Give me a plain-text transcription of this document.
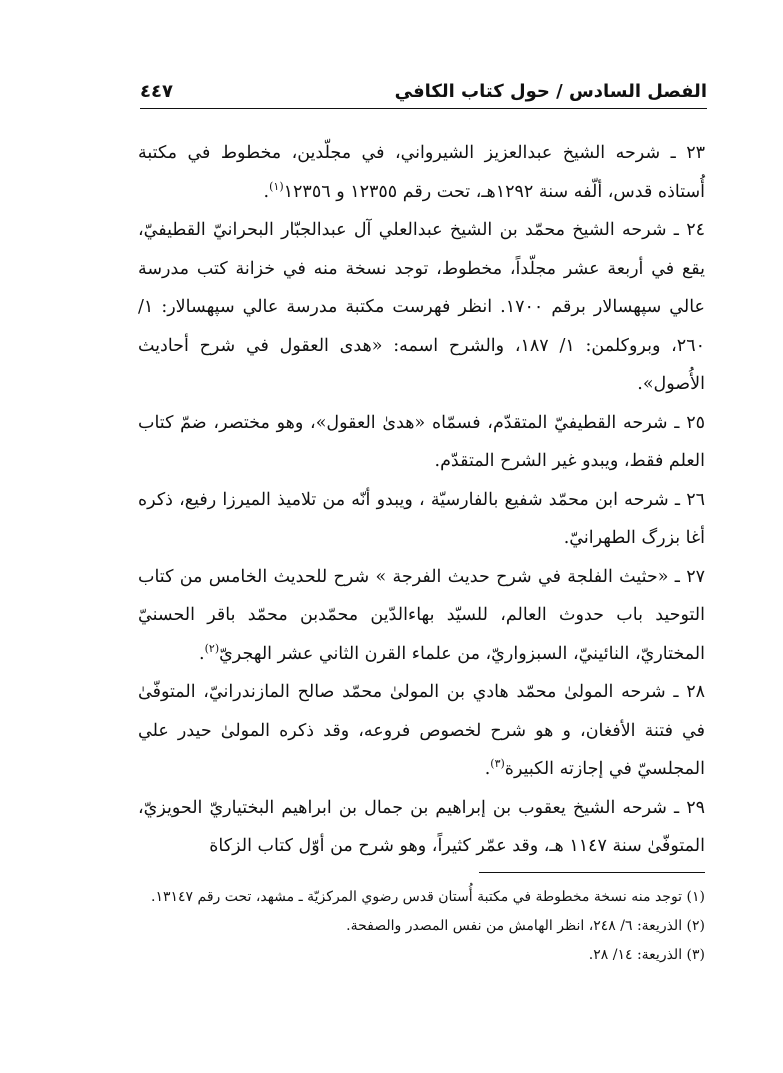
الفصل السادس / حول كتاب الكافي
٤٤٧

٢٣ ـ شرحه الشيخ عبدالعزيز الشيرواني، في مجلّدين، مخطوط في مكتبة أُستاذه قدس، ألّفه سنة ١٢٩٢هـ، تحت رقم ١٢٣٥٥ و ١٢٣٥٦$^{(١)}$.

٢٤ ـ شرحه الشيخ محمّد بن الشيخ عبدالعلي آل عبدالجبّار البحرانيّ القطيفيّ، يقع في أربعة عشر مجلّداً، مخطوط، توجد نسخة منه في خزانة كتب مدرسة عالي سپهسالار برقم ١٧٠٠. انظر فهرست مكتبة مدرسة عالي سپهسالار: ١/ ٢٦٠، وبروكلمن: ١/ ١٨٧، والشرح اسمه: «هدى العقول في شرح أحاديث الأُصول».

٢٥ ـ شرحه القطيفيّ المتقدّم، فسمّاه «هدىٰ العقول»، وهو مختصر، ضمّ كتاب العلم فقط، ويبدو غير الشرح المتقدّم.

٢٦ ـ شرحه ابن محمّد شفيع بالفارسيّة ، ويبدو أنّه من تلاميذ الميرزا رفيع، ذكره أغا بزرگ الطهرانيّ.

٢٧ ـ «حثيث الفلجة في شرح حديث الفرجة » شرح للحديث الخامس من كتاب التوحيد باب حدوث العالم، للسيّد بهاءالدّين محمّدبن محمّد باقر الحسنيّ المختاريّ، النائينيّ، السبزواريّ، من علماء القرن الثاني عشر الهجريّ$^{(٢)}$.

٢٨ ـ شرحه المولىٰ محمّد هادي بن المولىٰ محمّد صالح المازندرانيّ، المتوفّىٰ في فتنة الأفغان، و هو شرح لخصوص فروعه، وقد ذكره المولىٰ حيدر علي المجلسيّ في إجازته الكبيرة$^{(٣)}$.

٢٩ ـ شرحه الشيخ يعقوب بن إبراهيم بن جمال بن ابراهيم البختياريّ الحويزيّ، المتوفّىٰ سنة ١١٤٧ هـ، وقد عمّر كثيراً، وهو شرح من أوّل كتاب الزكاة

(١) توجد منه نسخة مخطوطة في مكتبة أُستان قدس رضوي المركزيّة ـ مشهد، تحت رقم ١٣١٤٧.

(٢) الذريعة: ٦/ ٢٤٨، انظر الهامش من نفس المصدر والصفحة.

(٣) الذريعة: ١٤/ ٢٨.
